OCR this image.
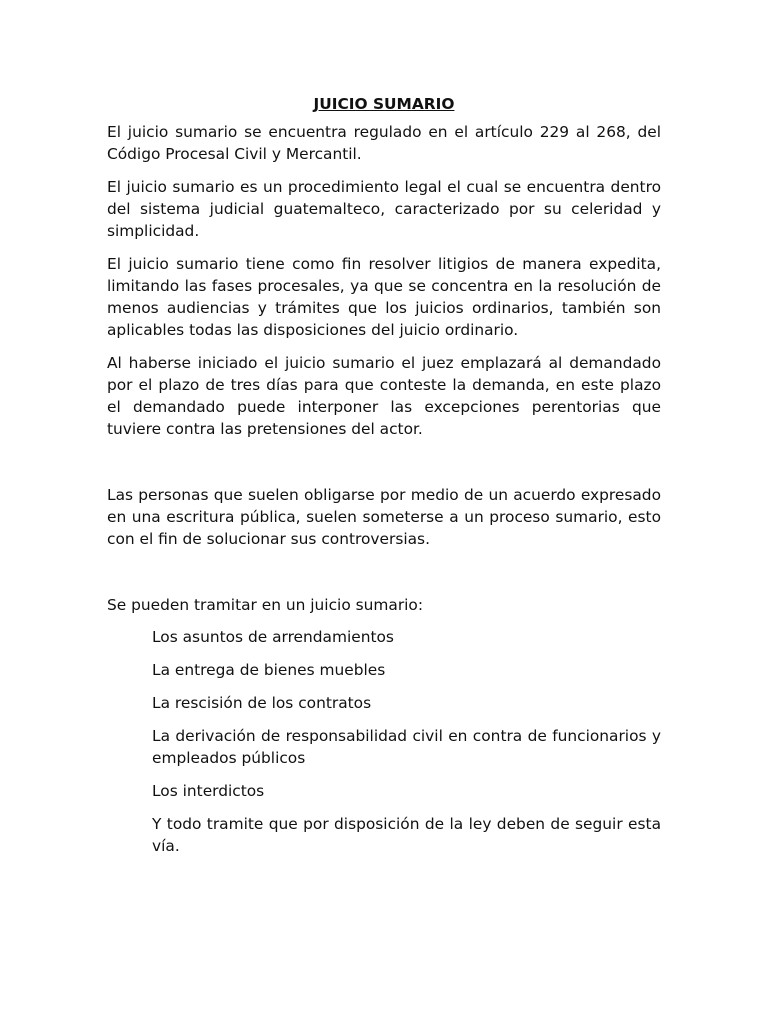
JUICIO SUMARIO

El juicio sumario se encuentra regulado en el artículo 229 al 268, del Código Procesal Civil y Mercantil.

El juicio sumario es un procedimiento legal el cual se encuentra dentro del sistema judicial guatemalteco, caracterizado por su celeridad y simplicidad.

El juicio sumario tiene como fin resolver litigios de manera expedita, limitando las fases procesales, ya que se concentra en la resolución de menos audiencias y trámites que los juicios ordinarios, también son aplicables todas las disposiciones del juicio ordinario.

Al haberse iniciado el juicio sumario el juez emplazará al demandado por el plazo de tres días para que conteste la demanda, en este plazo el demandado puede interponer las excepciones perentorias que tuviere contra las pretensiones del actor.

Las personas que suelen obligarse por medio de un acuerdo expresado en una escritura pública, suelen someterse a un proceso sumario, esto con el fin de solucionar sus controversias.

Se pueden tramitar en un juicio sumario:

Los asuntos de arrendamientos
La entrega de bienes muebles
La rescisión de los contratos
La derivación de responsabilidad civil en contra de funcionarios y empleados públicos
Los interdictos
Y todo tramite que por disposición de la ley deben de seguir esta vía.
